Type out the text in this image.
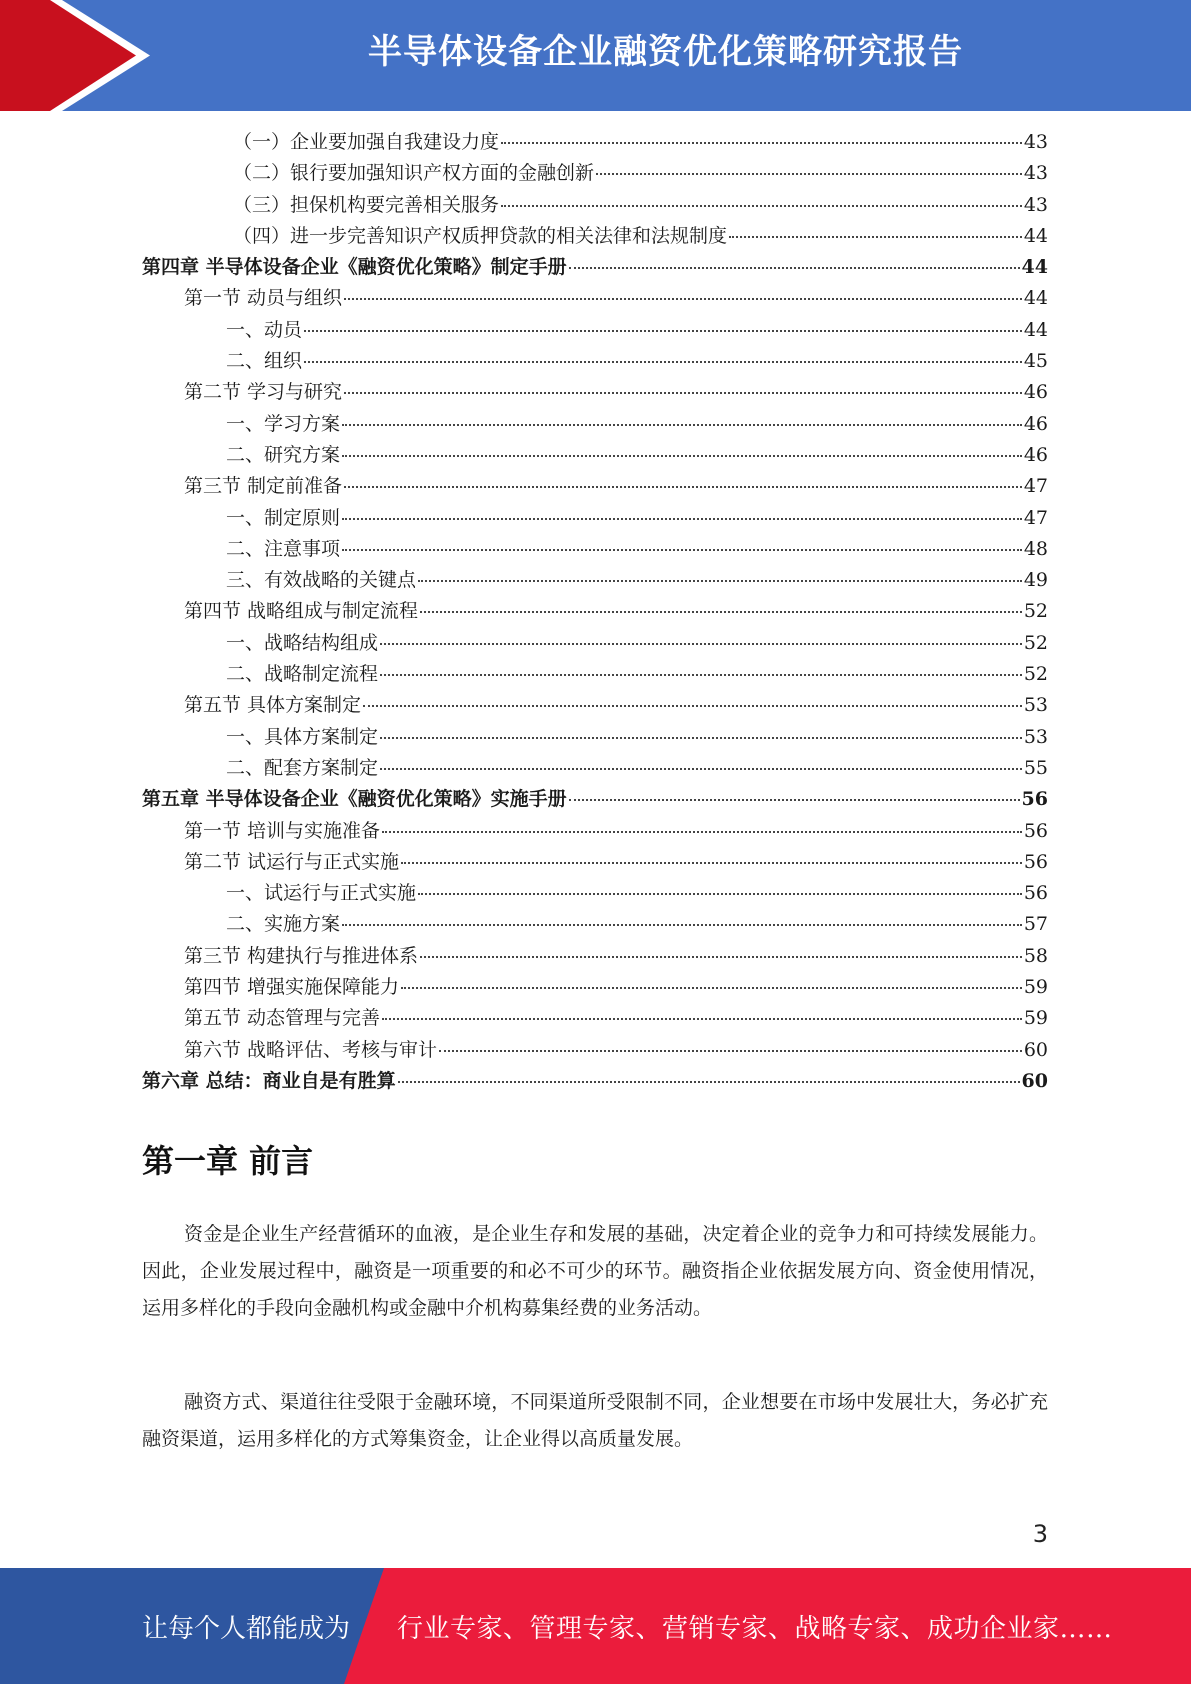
半导体设备企业融资优化策略研究报告
（一）企业要加强自我建设力度	43
（二）银行要加强知识产权方面的金融创新	43
（三）担保机构要完善相关服务	43
（四）进一步完善知识产权质押贷款的相关法律和法规制度	44
第四章 半导体设备企业《融资优化策略》制定手册	44
第一节 动员与组织	44
一、动员	44
二、组织	45
第二节 学习与研究	46
一、学习方案	46
二、研究方案	46
第三节 制定前准备	47
一、制定原则	47
二、注意事项	48
三、有效战略的关键点	49
第四节 战略组成与制定流程	52
一、战略结构组成	52
二、战略制定流程	52
第五节 具体方案制定	53
一、具体方案制定	53
二、配套方案制定	55
第五章 半导体设备企业《融资优化策略》实施手册	56
第一节 培训与实施准备	56
第二节 试运行与正式实施	56
一、试运行与正式实施	56
二、实施方案	57
第三节 构建执行与推进体系	58
第四节 增强实施保障能力	59
第五节 动态管理与完善	59
第六节 战略评估、考核与审计	60
第六章 总结：商业自是有胜算	60
第一章 前言

资金是企业生产经营循环的血液，是企业生存和发展的基础，决定着企业的竞争力和可持续发展能力。因此，企业发展过程中，融资是一项重要的和必不可少的环节。融资指企业依据发展方向、资金使用情况，运用多样化的手段向金融机构或金融中介机构募集经费的业务活动。

融资方式、渠道往往受限于金融环境，不同渠道所受限制不同，企业想要在市场中发展壮大，务必扩充融资渠道，运用多样化的方式筹集资金，让企业得以高质量发展。

3
让每个人都能成为 行业专家、管理专家、营销专家、战略专家、成功企业家……
